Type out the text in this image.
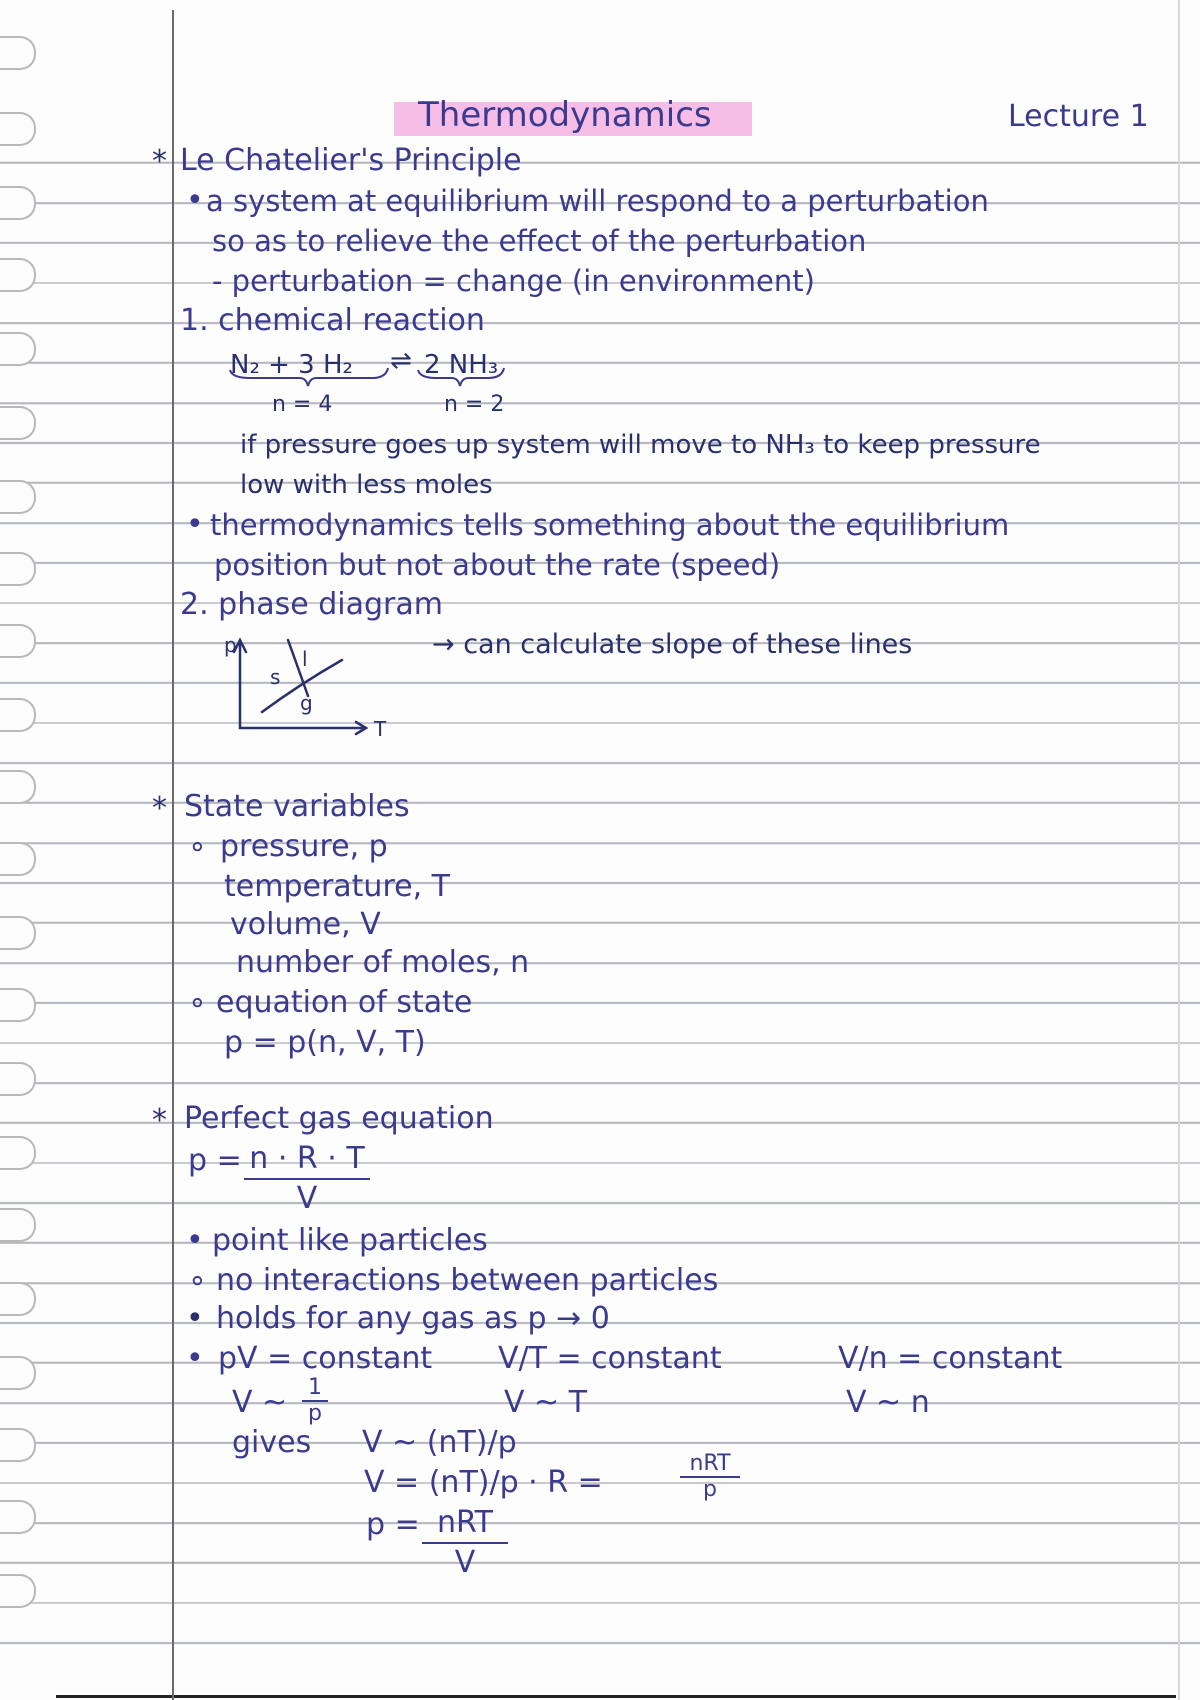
Thermodynamics	Lecture 1
* Le Chatelier's Principle
• a system at equilibrium will respond to a perturbation
so as to relieve the effect of the perturbation
- perturbation = change (in environment)
1. chemical reaction
N₂ + 3 H₂ ⇌ 2 NH₃
n = 4	n = 2
if pressure goes up system will move to NH₃ to keep pressure
low with less moles
• thermodynamics tells something about the equilibrium
position but not about the rate (speed)
2. phase diagram
→ can calculate slope of these lines
p
T
s
l
g
* State variables
∘ pressure, p
temperature, T
volume, V
number of moles, n
∘ equation of state
p = p(n, V, T)
* Perfect gas equation
$p = \frac{n \cdot R \cdot T}{V}$
• point like particles
∘ no interactions between particles
• holds for any gas as p → 0
• pV = constant V/T = constant	V/n = constant
V ~ $\frac{1}{p}$	V ~ T	V ~ n
gives V ~ (nT)/p
V = (nT)/p · R =
nRT
p
p = nRT
V
